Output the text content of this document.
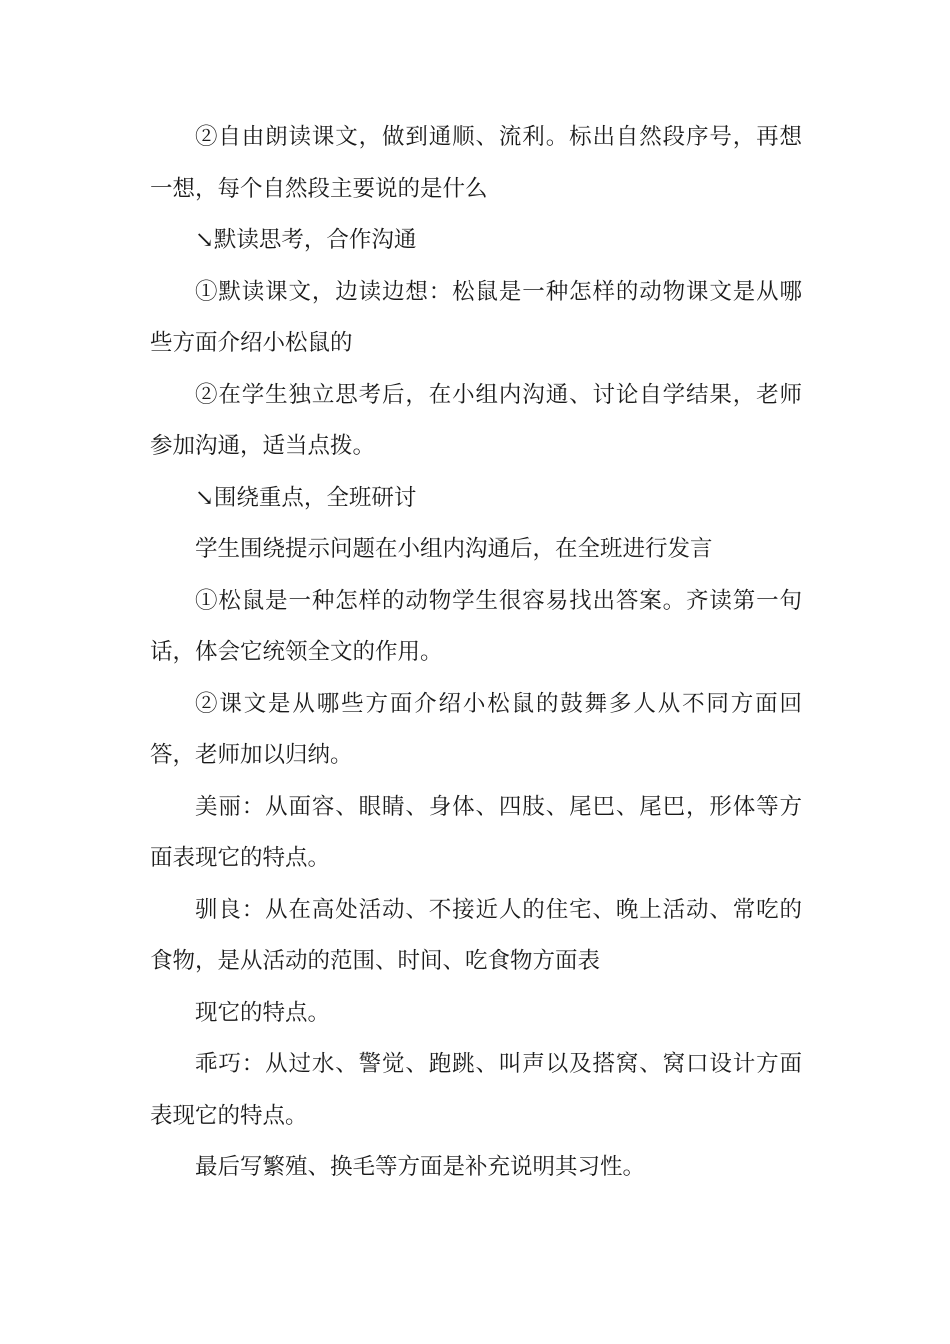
②自由朗读课文，做到通顺、流利。标出自然段序号，再想一想，每个自然段主要说的是什么

↘默读思考，合作沟通

①默读课文，边读边想：松鼠是一种怎样的动物课文是从哪些方面介绍小松鼠的

②在学生独立思考后，在小组内沟通、讨论自学结果，老师参加沟通，适当点拨。

↘围绕重点，全班研讨

学生围绕提示问题在小组内沟通后，在全班进行发言

①松鼠是一种怎样的动物学生很容易找出答案。齐读第一句话，体会它统领全文的作用。

②课文是从哪些方面介绍小松鼠的鼓舞多人从不同方面回答，老师加以归纳。

美丽：从面容、眼睛、身体、四肢、尾巴、尾巴，形体等方面表现它的特点。

驯良：从在高处活动、不接近人的住宅、晚上活动、常吃的食物，是从活动的范围、时间、吃食物方面表

现它的特点。

乖巧：从过水、警觉、跑跳、叫声以及搭窝、窝口设计方面表现它的特点。

最后写繁殖、换毛等方面是补充说明其习性。
